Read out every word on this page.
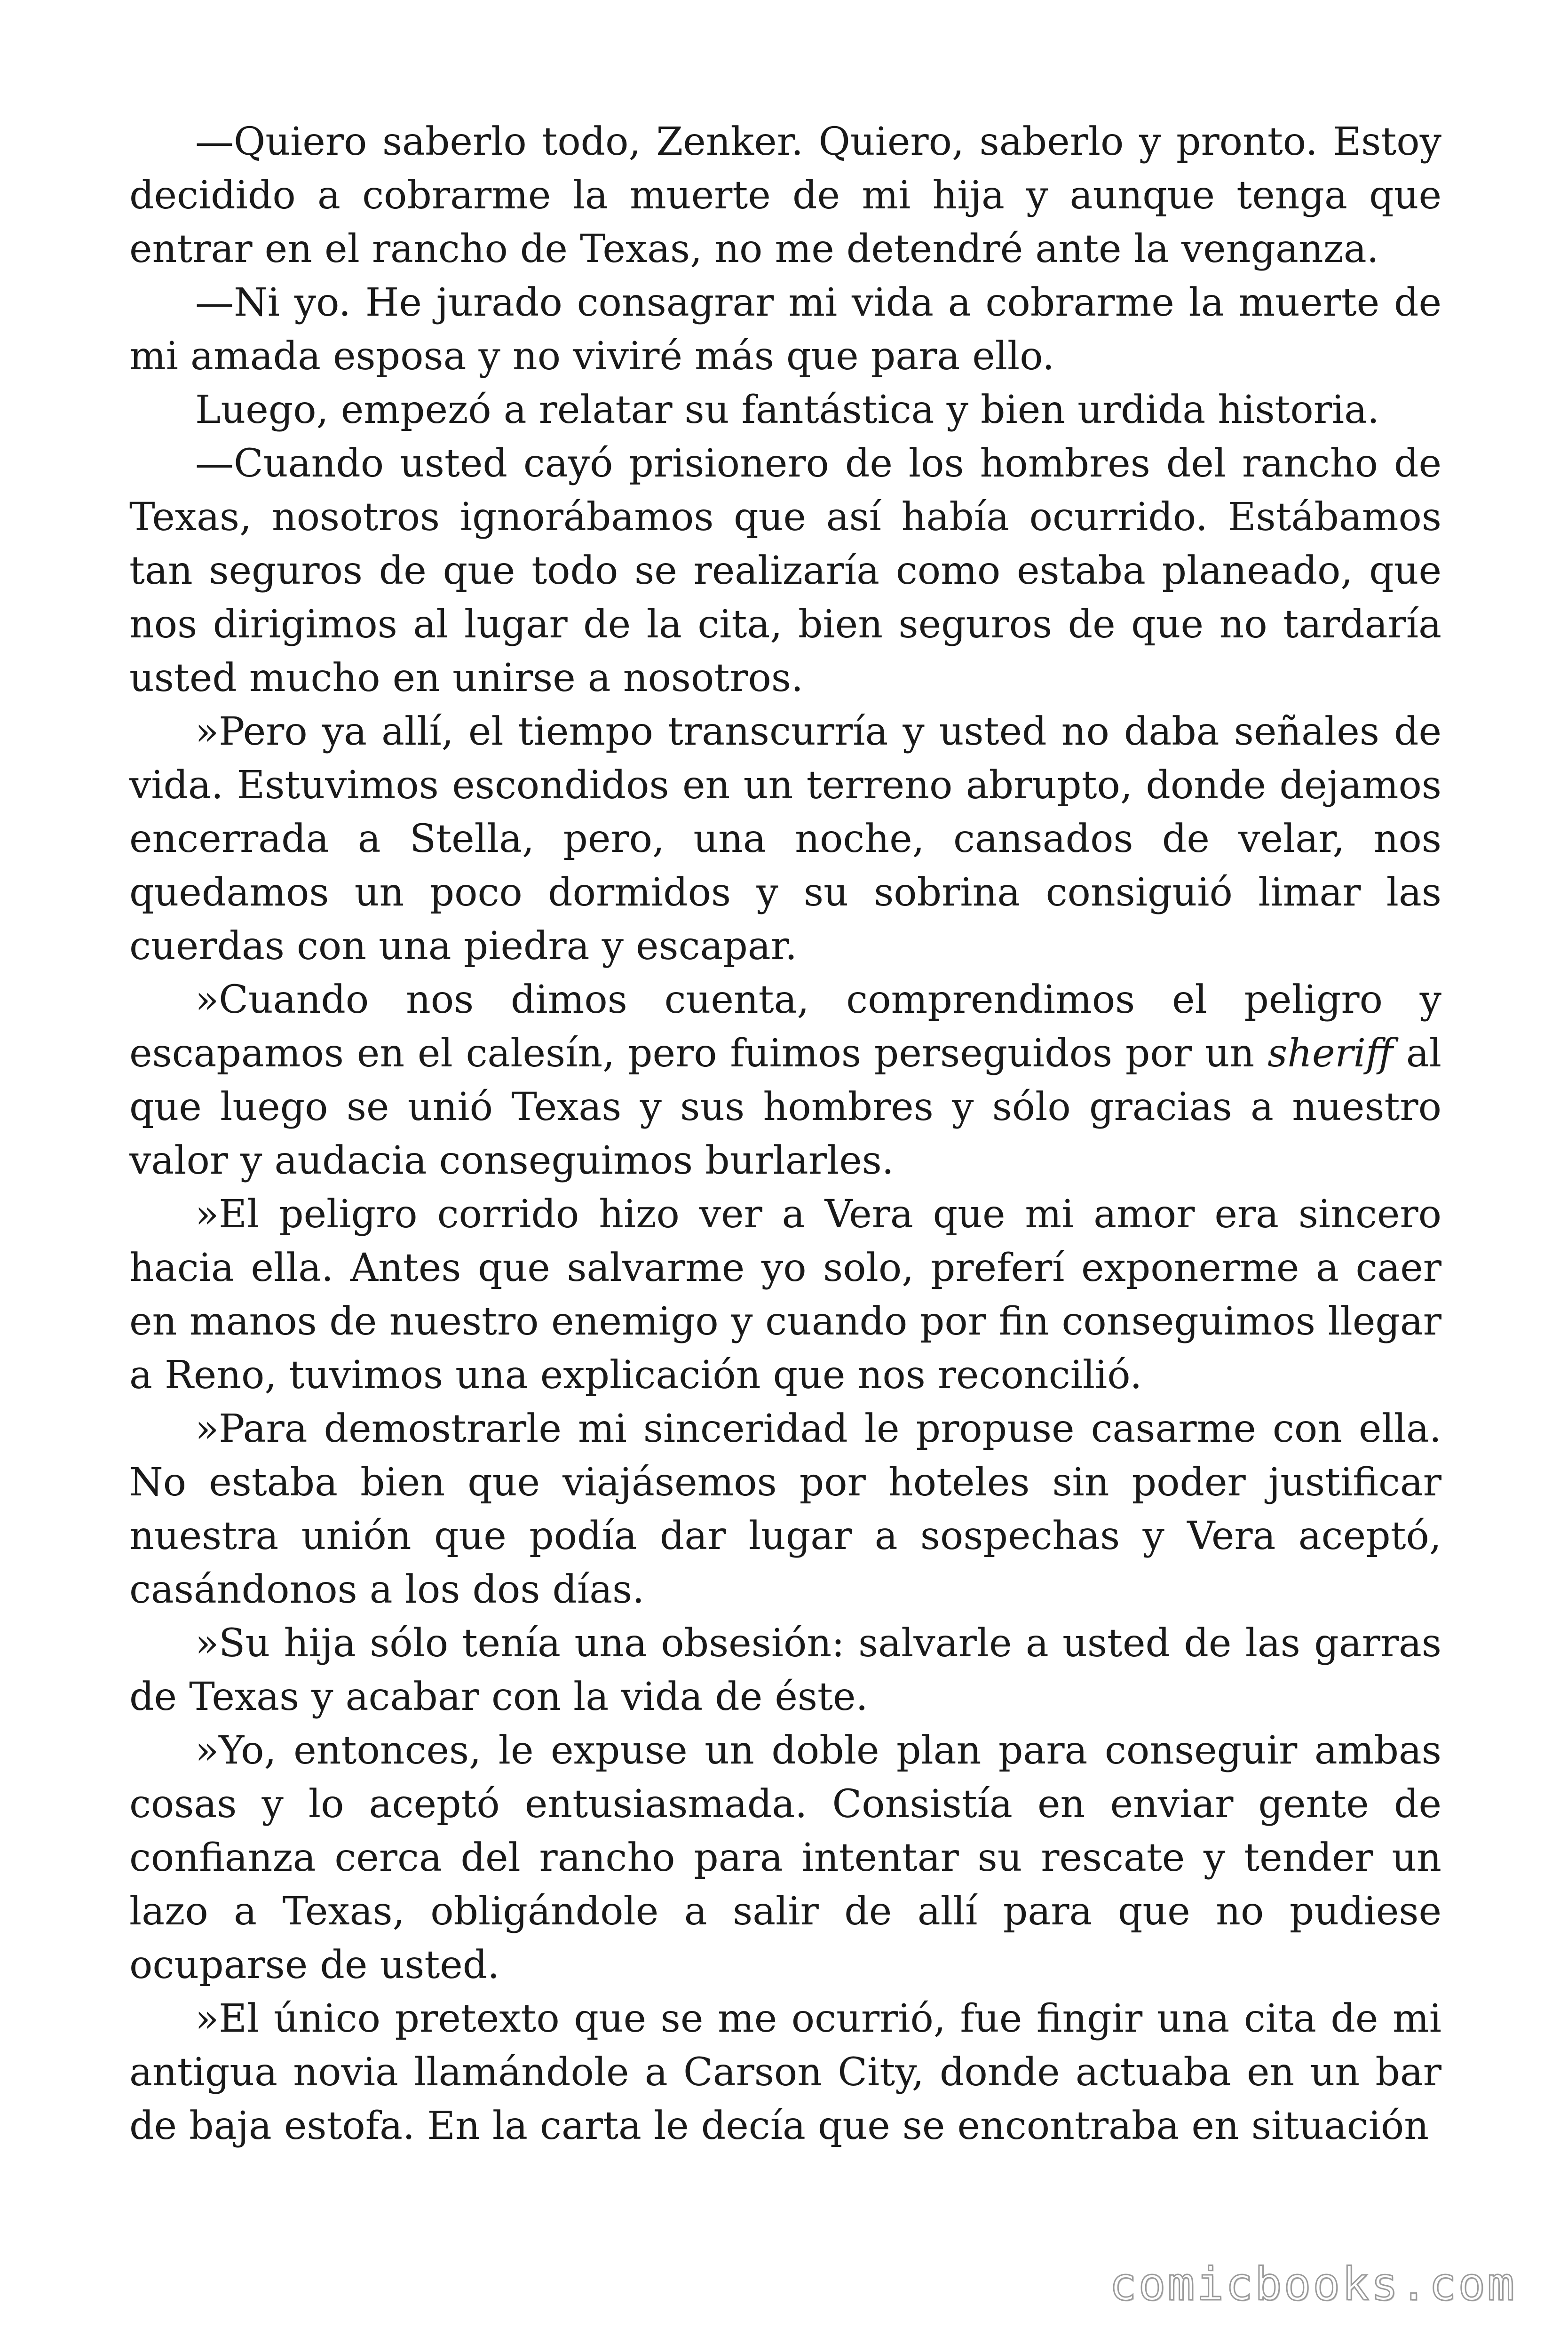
—Quiero saberlo todo, Zenker. Quiero, saberlo y pronto. Estoy decidido a cobrarme la muerte de mi hija y aunque tenga que entrar en el rancho de Texas, no me detendré ante la venganza.

—Ni yo. He jurado consagrar mi vida a cobrarme la muerte de mi amada esposa y no viviré más que para ello.

Luego, empezó a relatar su fantástica y bien urdida historia.

—Cuando usted cayó prisionero de los hombres del rancho de Texas, nosotros ignorábamos que así había ocurrido. Estábamos tan seguros de que todo se realizaría como estaba planeado, que nos dirigimos al lugar de la cita, bien seguros de que no tardaría usted mucho en unirse a nosotros.

»Pero ya allí, el tiempo transcurría y usted no daba señales de vida. Estuvimos escondidos en un terreno abrupto, donde dejamos encerrada a Stella, pero, una noche, cansados de velar, nos quedamos un poco dormidos y su sobrina consiguió limar las cuerdas con una piedra y escapar.

»Cuando nos dimos cuenta, comprendimos el peligro y escapamos en el calesín, pero fuimos perseguidos por un sheriff al que luego se unió Texas y sus hombres y sólo gracias a nuestro valor y audacia conseguimos burlarles.

»El peligro corrido hizo ver a Vera que mi amor era sincero hacia ella. Antes que salvarme yo solo, preferí exponerme a caer en manos de nuestro enemigo y cuando por fin conseguimos llegar a Reno, tuvimos una explicación que nos reconcilió.

»Para demostrarle mi sinceridad le propuse casarme con ella. No estaba bien que viajásemos por hoteles sin poder justificar nuestra unión que podía dar lugar a sospechas y Vera aceptó, casándonos a los dos días.

»Su hija sólo tenía una obsesión: salvarle a usted de las garras de Texas y acabar con la vida de éste.

»Yo, entonces, le expuse un doble plan para conseguir ambas cosas y lo aceptó entusiasmada. Consistía en enviar gente de confianza cerca del rancho para intentar su rescate y tender un lazo a Texas, obligándole a salir de allí para que no pudiese ocuparse de usted.

»El único pretexto que se me ocurrió, fue fingir una cita de mi antigua novia llamándole a Carson City, donde actuaba en un bar de baja estofa. En la carta le decía que se encontraba en situación

comicbooks.com
